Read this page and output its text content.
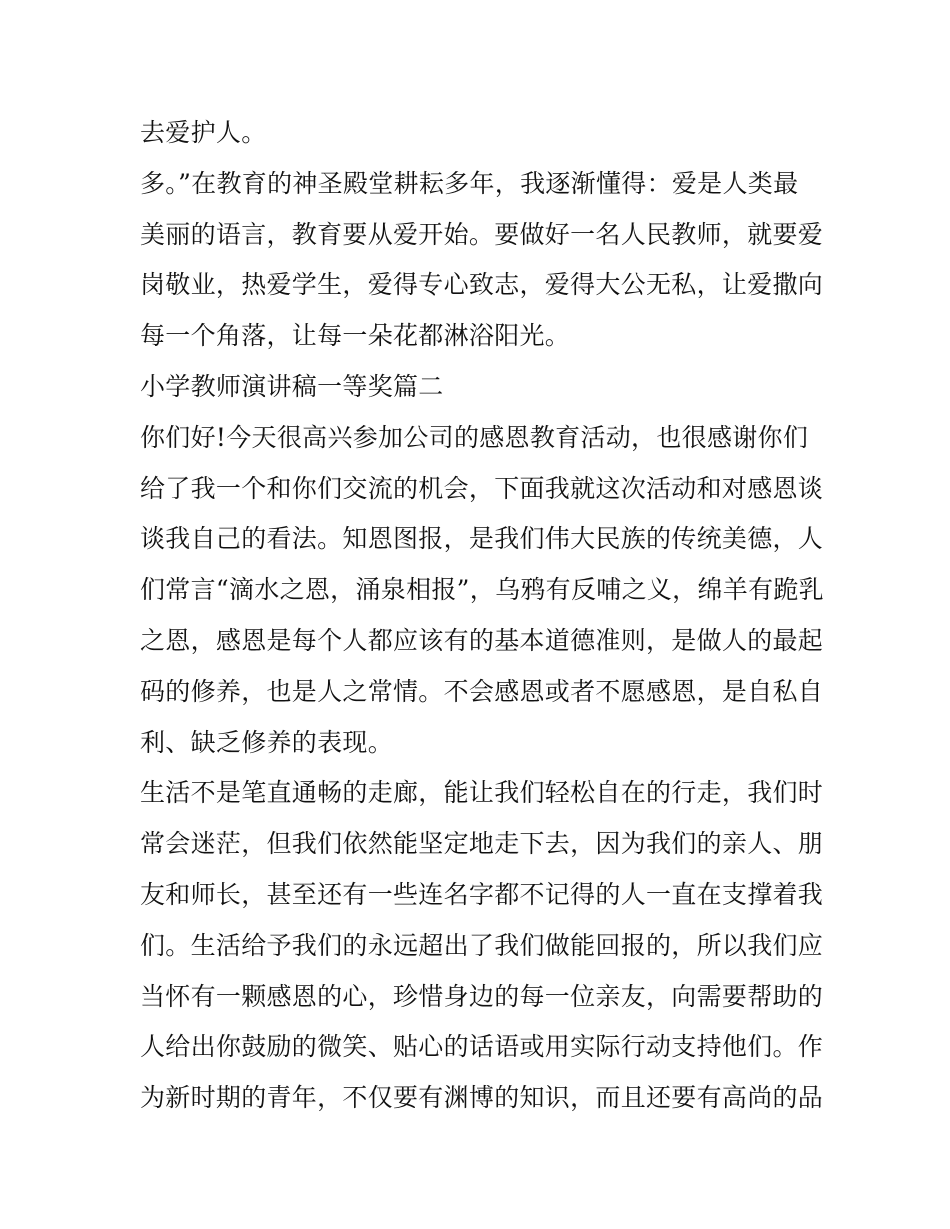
去爱护人。
多。”在教育的神圣殿堂耕耘多年，我逐渐懂得：爱是人类最
美丽的语言，教育要从爱开始。要做好一名人民教师，就要爱
岗敬业，热爱学生，爱得专心致志，爱得大公无私，让爱撒向
每一个角落，让每一朵花都淋浴阳光。
小学教师演讲稿一等奖篇二
你们好!今天很高兴参加公司的感恩教育活动，也很感谢你们
给了我一个和你们交流的机会，下面我就这次活动和对感恩谈
谈我自己的看法。知恩图报，是我们伟大民族的传统美德，人
们常言“滴水之恩，涌泉相报”，乌鸦有反哺之义，绵羊有跪乳
之恩，感恩是每个人都应该有的基本道德准则，是做人的最起
码的修养，也是人之常情。不会感恩或者不愿感恩，是自私自
利、缺乏修养的表现。
生活不是笔直通畅的走廊，能让我们轻松自在的行走，我们时
常会迷茫，但我们依然能坚定地走下去，因为我们的亲人、朋
友和师长，甚至还有一些连名字都不记得的人一直在支撑着我
们。生活给予我们的永远超出了我们做能回报的，所以我们应
当怀有一颗感恩的心，珍惜身边的每一位亲友，向需要帮助的
人给出你鼓励的微笑、贴心的话语或用实际行动支持他们。作
为新时期的青年，不仅要有渊博的知识，而且还要有高尚的品
